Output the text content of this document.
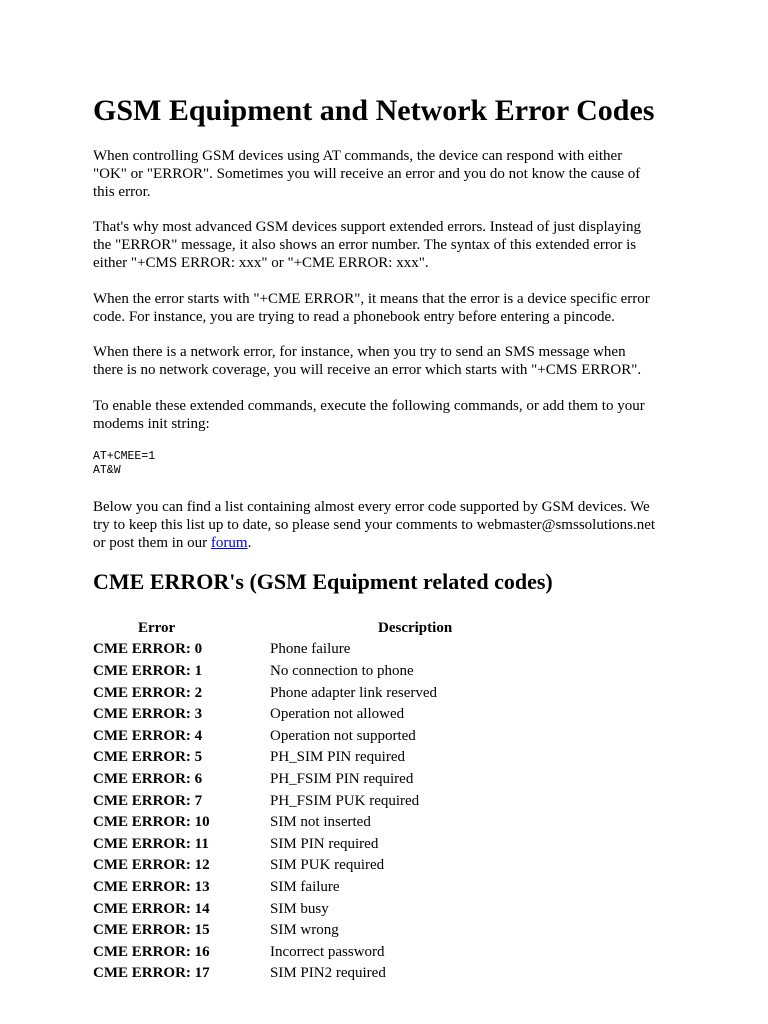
GSM Equipment and Network Error Codes

When controlling GSM devices using AT commands, the device can respond with either
"OK" or "ERROR". Sometimes you will receive an error and you do not know the cause of
this error.

That's why most advanced GSM devices support extended errors. Instead of just displaying
the "ERROR" message, it also shows an error number. The syntax of this extended error is
either "+CMS ERROR: xxx" or "+CME ERROR: xxx".

When the error starts with "+CME ERROR", it means that the error is a device specific error
code. For instance, you are trying to read a phonebook entry before entering a pincode.

When there is a network error, for instance, when you try to send an SMS message when
there is no network coverage, you will receive an error which starts with "+CMS ERROR".

To enable these extended commands, execute the following commands, or add them to your
modems init string:

AT+CMEE=1
AT&W

Below you can find a list containing almost every error code supported by GSM devices. We
try to keep this list up to date, so please send your comments to webmaster@smssolutions.net
or post them in our forum.

CME ERROR's (GSM Equipment related codes)
Error	Description
CME ERROR: 0	Phone failure
CME ERROR: 1	No connection to phone
CME ERROR: 2	Phone adapter link reserved
CME ERROR: 3	Operation not allowed
CME ERROR: 4	Operation not supported
CME ERROR: 5	PH_SIM PIN required
CME ERROR: 6	PH_FSIM PIN required
CME ERROR: 7	PH_FSIM PUK required
CME ERROR: 10	SIM not inserted
CME ERROR: 11	SIM PIN required
CME ERROR: 12	SIM PUK required
CME ERROR: 13	SIM failure
CME ERROR: 14	SIM busy
CME ERROR: 15	SIM wrong
CME ERROR: 16	Incorrect password
CME ERROR: 17	SIM PIN2 required
